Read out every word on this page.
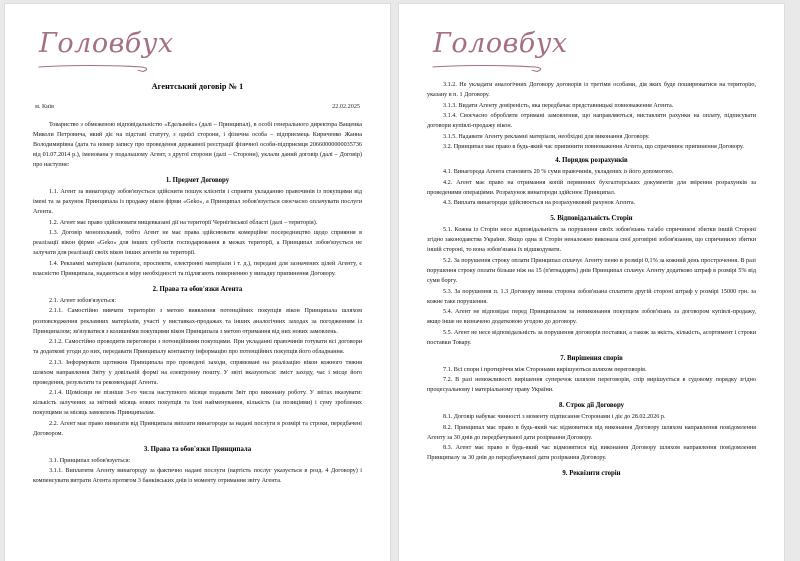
Головбух
Агентський договір № 1
м. Київ	22.02.2025

Товариство з обмеженою відповідальністю «Едельвейс» (далі – Принципал), в особі генерального директора Ващенка Миколи Петровича, який діє на підставі статуту, з однієї сторони, і фізична особа – підприємець Кириченко Жанна Володимирівна (дата та номер запису про проведення державної реєстрації фізичної особи-підприємця 20660000000035736 від 01.07.2014 р.), іменована у подальшому Агент, з другої сторони (далі – Сторони), уклали даний договір (далі – Договір) про наступне:

1. Предмет Договору

1.1. Агент за винагороду зобов'язується здійснити пошук клієнтів і сприяти укладанню правочинів із покупцями від імені та за рахунок Принципала із продажу вікон фірми «Geko», а Принципал зобов'язується своєчасно оплачувати послуги Агента.

1.2. Агент має право здійснювати вищевказані дії на території Чернігівської області (далі – територія).

1.3. Договір монопольний, тобто Агент не має права здійснювати комерційне посередництво щодо сприяння в реалізації вікон фірми «Geko» для інших суб'єктів господарювання в межах території, а Принципал зобов'язується не залучати для реалізації своїх вікон інших агентів на території.

1.4. Рекламні матеріали (каталоги, проспекти, електронні матеріали і т. д.), передані для зазначених цілей Агенту, є власністю Принципала, надаються в міру необхідності та підлягають поверненню у випадку припинення Договору.

2. Права та обов'язки Агента

2.1. Агент зобов'язується:

2.1.1. Самостійно вивчати територію з метою виявлення потенційних покупців вікон Принципала шляхом розповсюдження рекламних матеріалів, участі у виставках-продажах та інших аналогічних заходах за погодженням із Принципалом; зв'язуватися з колишніми покупцями вікон Принципала з метою отримання від них нових замовлень.

2.1.2. Самостійно проводити переговори з потенційними покупцями. При укладанні правочинів готувати всі договори та додаткові угоди до них, передавати Принципалу контактну інформацію про потенційних покупців його обладнання.

2.1.3. Інформувати щотижня Принципала про проведені заходи, спрямовані на реалізацію вікон кожного тижня шляхом направлення Звіту у довільній формі на електронну пошту. У звіті вказуються: зміст заходу, час і місце його проведення, результати та рекомендації Агента.

2.1.4. Щомісяця не пізніше 3-го числа наступного місяця подавати Звіт про виконану роботу. У звітах вказувати: кількість залучених за звітний місяць нових покупців та їхні найменування, кількість (за позиціями) і суму зроблених покупцями за місяць замовлень Принципалам.

2.2. Агент має право вимагати від Принципала виплати винагороди за надані послуги в розмірі та строки, передбачені Договором.

3. Права та обов'язки Принципала

3.1. Принципал зобов'язується:

3.1.1. Виплатити Агенту винагороду за фактично надані послуги (вартість послуг указується в розд. 4 Договору) і компенсувати витрати Агента протягом 3 банківських днів із моменту отримання звіту Агента.

Головбух

3.1.2. Не укладати аналогічних Договору договорів із третіми особами, дія яких буде поширюватися на територію, указану в п. 1 Договору.

3.1.3. Видати Агенту довіреність, яка передбачає представницькі повноваження Агента.

3.1.4. Своєчасно обробляти отримані замовлення, що направляються, виставляти рахунки на оплату, підписувати договори купівлі-продажу вікон.

3.1.5. Надавати Агенту рекламні матеріали, необхідні для виконання Договору.

3.2. Принципал має право в будь-який час припинити повноваження Агента, що спричинює припинення Договору.

4. Порядок розрахунків

4.1. Винагорода Агента становить 20 % суми правочинів, укладених із його допомогою.

4.2. Агент має право на отримання копій первинних бухгалтерських документів для звірення розрахунків за проведеними операціями. Розрахунок винагороди здійснює Принципал.

4.3. Виплата винагороди здійснюється на розрахунковий рахунок Агента.

5. Відповідальність Сторін

5.1. Кожна із Сторін несе відповідальність за порушення своїх зобов'язань та/або спричинені збитки іншій Стороні згідно законодавства України. Якщо одна зі Сторін неналежно виконала свої договірні зобов'язання, що спричинило збитки іншій стороні, то вона зобов'язана їх відшкодувати.

5.2. За порушення строку оплати Принципал сплачує Агенту пеню в розмірі 0,1% за кожний день прострочення. В разі порушення строку оплати більше ніж на 15 (п'ятнадцять) днів Принципал сплачує Агенту додатково штраф в розмірі 5% від суми боргу.

5.3. За порушення п. 1.3 Договору винна сторона зобов'язана сплатити другій стороні штраф у розмірі 15000 грн. за кожне таке порушення.

5.4. Агент не відповідає перед Принципалом за невиконання покупцем зобов'язань за договором купівлі-продажу, якщо інше не визначено додатковою угодою до договору.

5.5. Агент не несе відповідальність за порушення договорів поставки, а також за якість, кількість, асортимент і строки поставки Товару.

7. Вирішення спорів

7.1. Всі спори і протиріччя між Сторонами вирішуються шляхом переговорів.

7.2. В разі неможливості вирішення суперечок шляхом переговорів, спір вирішується в судовому порядку згідно процесуальному і матеріальному праву України.

8. Строк дії Договору

8.1. Договір набуває чинності з моменту підписання Сторонами і діє до 28.02.2026 р.

8.2. Принципал має право в будь-який час відмовитися від виконання Договору шляхом направлення повідомлення Агенту за 30 днів до передбачуваної дати розірвання Договору.

8.3. Агент має право в будь-який час відмовитися від виконання Договору шляхом направлення повідомлення Принципалу за 30 днів до передбачуваної дати розірвання Договору.

9. Реквізити сторін
